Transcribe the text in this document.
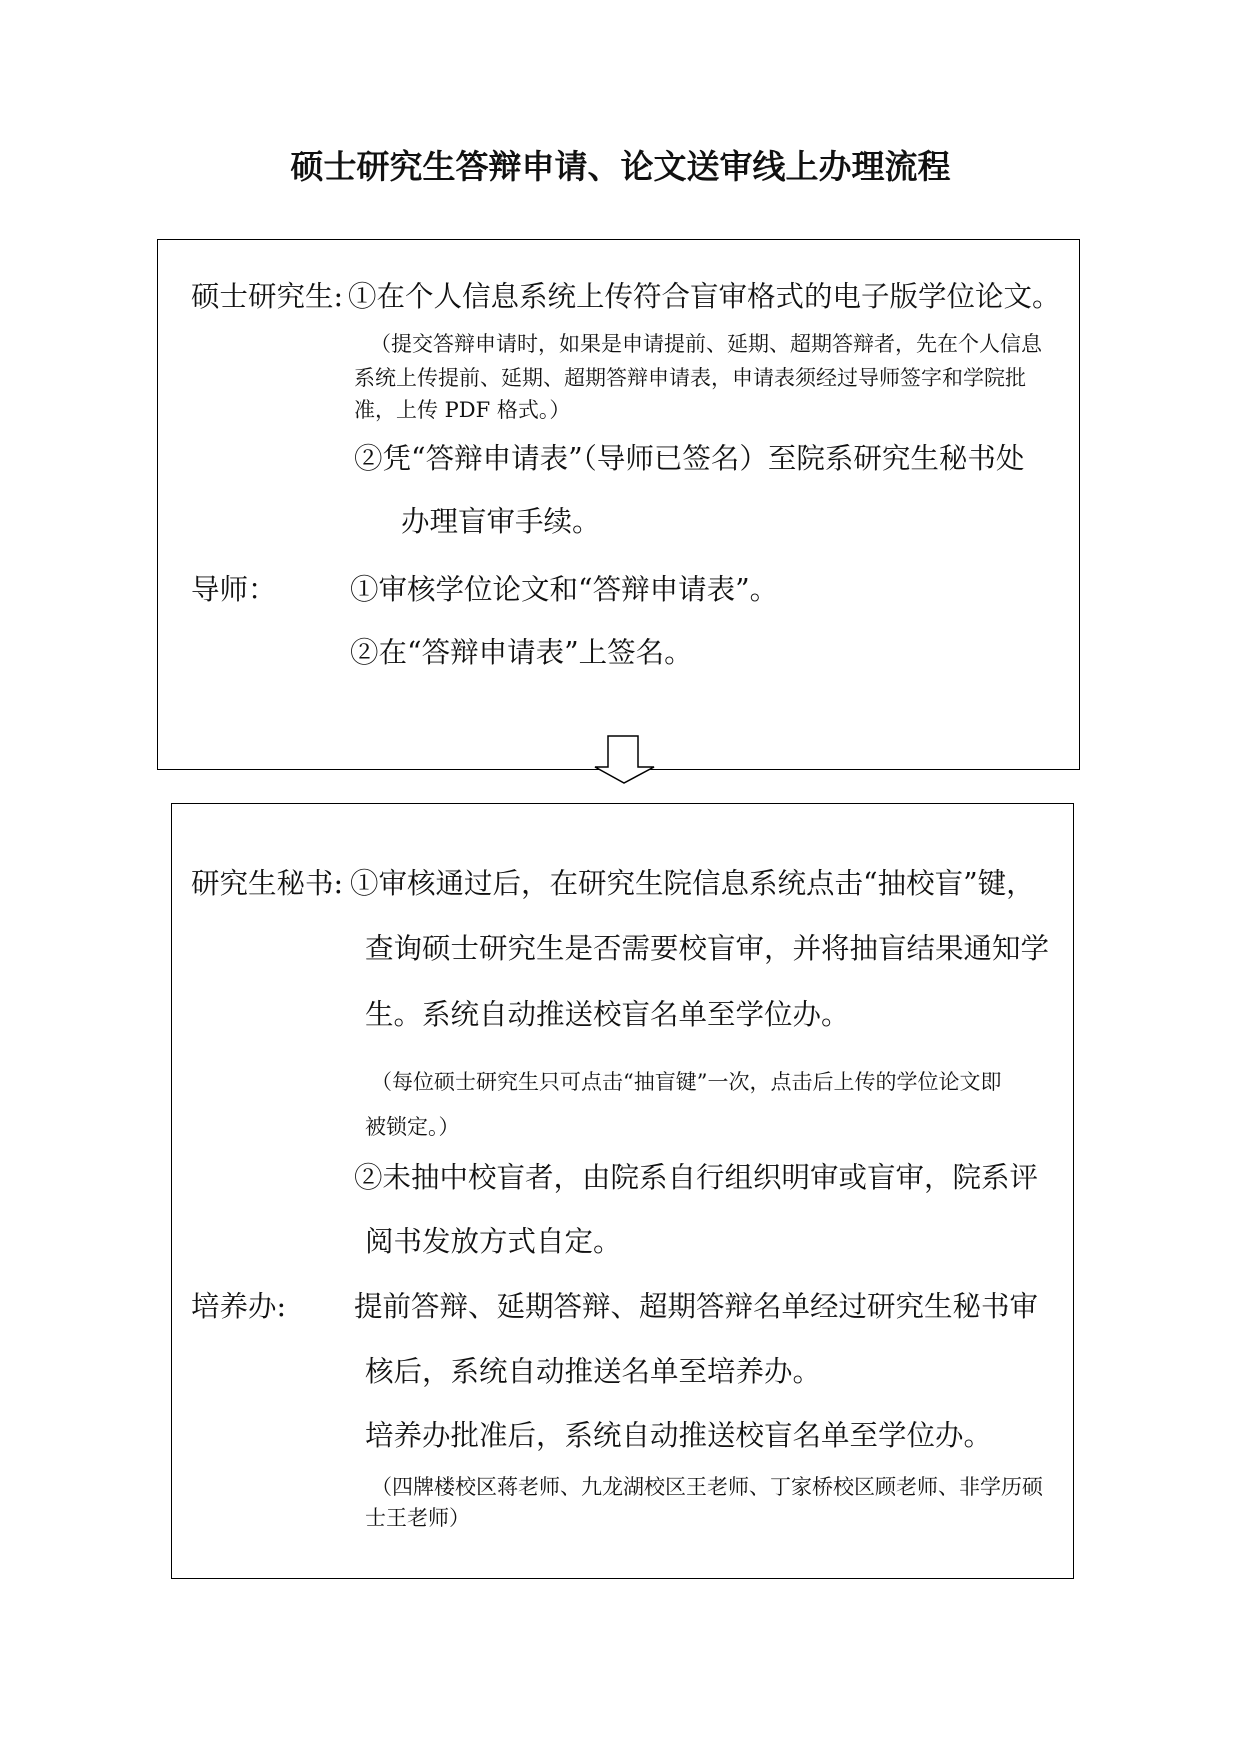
硕士研究生答辩申请、论文送审线上办理流程
硕士研究生: ①在个人信息系统上传符合盲审格式的电子版学位论文。
（提交答辩申请时，如果是申请提前、延期、超期答辩者，先在个人信息
系统上传提前、延期、超期答辩申请表，申请表须经过导师签字和学院批
准，上传 PDF 格式。）
②凭“答辩申请表”（导师已签名）至院系研究生秘书处
办理盲审手续。
导师：	①审核学位论文和“答辩申请表”。
②在“答辩申请表”上签名。
研究生秘书: ①审核通过后，在研究生院信息系统点击“抽校盲”键，
查询硕士研究生是否需要校盲审，并将抽盲结果通知学
生。系统自动推送校盲名单至学位办。
（每位硕士研究生只可点击“抽盲键”一次，点击后上传的学位论文即
被锁定。）
②未抽中校盲者，由院系自行组织明审或盲审，院系评
阅书发放方式自定。
培养办: 提前答辩、延期答辩、超期答辩名单经过研究生秘书审
核后，系统自动推送名单至培养办。
培养办批准后，系统自动推送校盲名单至学位办。
（四牌楼校区蒋老师、九龙湖校区王老师、丁家桥校区顾老师、非学历硕
士王老师）
